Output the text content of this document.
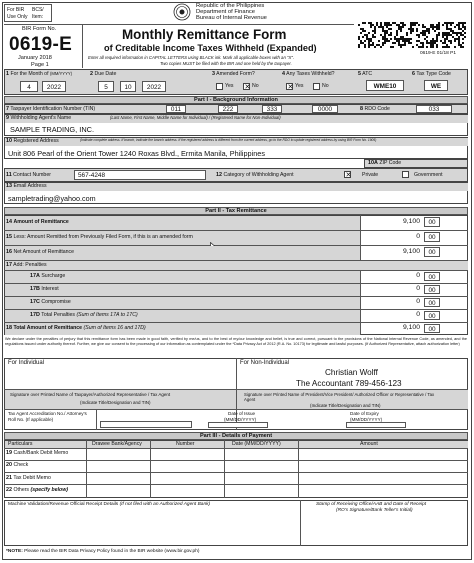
For BIR
Use Only
BCS/
Item:
Republic of the Philippines
Department of Finance
Bureau of Internal Revenue
0619-E 01/18 P1
BIR Form No.
0619-E
January 2018
Page 1
Monthly Remittance Form
of Creditable Income Taxes Withheld (Expanded)
Enter all required information in CAPITAL LETTERS using BLACK ink. Mark all applicable boxes with an "X".
Two copies MUST be filed with the BIR and one held by the taxpayer.
1 For the Month of (MM/YYYY)
4	2022
2 Due Date
5	10	2022
3 Amended Form?
Yes ✕	No
4 Any Taxes Withheld?
✕
Yes	No
5 ATC
WME10
6 Tax Type Code
WE
Part I - Background Information
7 Taxpayer Identification Number (TIN)	011	222	333	0000	8 RDO Code	033
9 Withholding Agent's Name	(Last Name, First Name, Middle Name for Individual) / (Registered Name for Non-Individual)
SAMPLE TRADING, INC.
10 Registered Address	(Indicate complete address. If branch, indicate the branch address. If the registered address is different from the current address, go to the RDO to update registered address by using BIR Form No. 1905)
Unit 806 Pearl of the Orient Tower 1240 Roxas Blvd., Ermita Manila, Philippines
10A ZIP Code
11 Contact Number	567-4248	12 Category of Withholding Agent ✕	Private	Government
13 Email Address
sampletrading@yahoo.com
Part II - Tax Remittance
14 Amount of Remittance	9,100	00
15 Less: Amount Remitted from Previously Filed Form, if this is an amended form	0	00
16 Net Amount of Remittance	9,100	00
17 Add: Penalties
17A Surcharge	0	00
17B Interest	0	00
17C Compromise	0	00
17D Total Penalties (Sum of Items 17A to 17C)	0	00
18 Total Amount of Remittance (Sum of Items 16 and 17D)	9,100	00
We declare under the penalties of perjury that this remittance form has been made in good faith, verified by me/us, and to the best of my/our knowledge and belief, is true and correct, pursuant to the provisions of the National Internal Revenue Code, as amended, and the regulations issued under authority thereof. Further, we give our consent to the processing of our information as contemplated under the *Data Privacy Act of 2012 (R.A. No. 10173) for legitimate and lawful purposes. (If Authorized Representative, attach authorization letter)
For Individual	For Non-Individual
Christian Wolff
The Accountant 789-456-123
Signature over Printed Name of Taxpayer/Authorized Representative / Tax Agent
(Indicate Title/Designation and TIN)
Signature over Printed Name of President/Vice President/ Authorized Officer or Representative / Tax Agent
(Indicate Title/Designation and TIN)
Tax Agent Accreditation No./ Attorney's Roll No. (If applicable)
Date of Issue
(MM/DD/YYYY)
Date of Expiry
(MM/DD/YYYY)
Part III - Details of Payment
Particulars	Drawee Bank/Agency	Number	Date (MM/DD/YYYY)	Amount
19 Cash/Bank Debit Memo
20 Check
21 Tax Debit Memo
22 Others (specify below)
Machine Validation/Revenue Official Receipt Details (If not filed with an Authorized Agent Bank)	Stamp of Receiving Office/AAB and Date of Receipt
(RO's Signature/Bank Teller's Initial)
*NOTE: Please read the BIR Data Privacy Policy found in the BIR website (www.bir.gov.ph)
